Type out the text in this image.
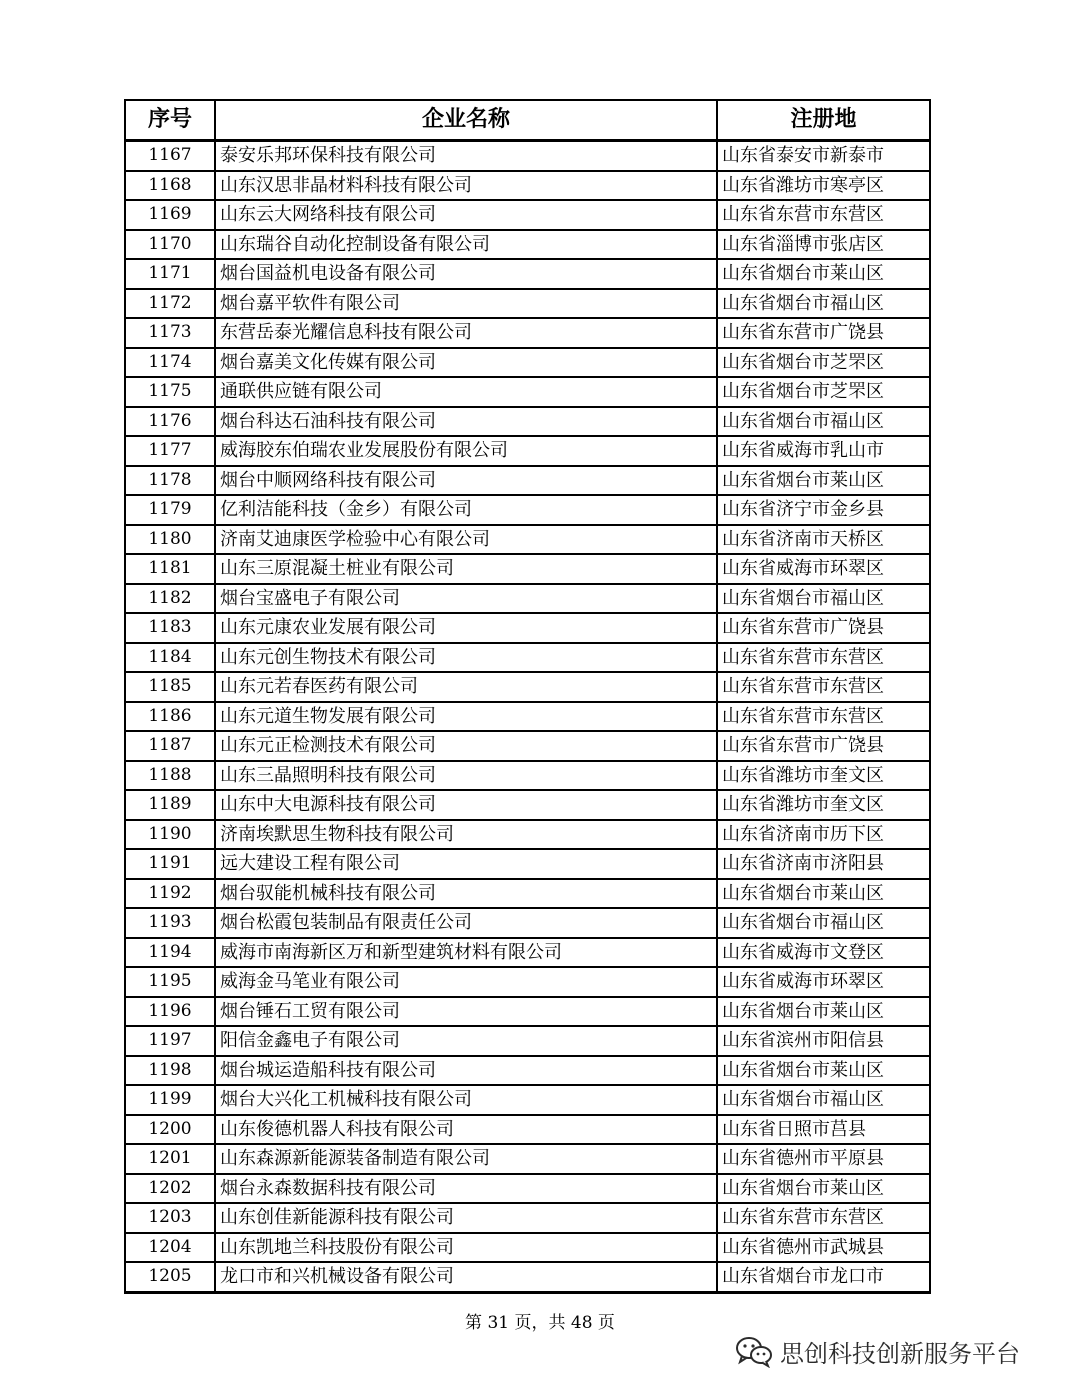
序号	企业名称	注册地
1167	泰安乐邦环保科技有限公司	山东省泰安市新泰市
1168	山东汉思非晶材料科技有限公司	山东省潍坊市寒亭区
1169	山东云大网络科技有限公司	山东省东营市东营区
1170	山东瑞谷自动化控制设备有限公司	山东省淄博市张店区
1171	烟台国益机电设备有限公司	山东省烟台市莱山区
1172	烟台嘉平软件有限公司	山东省烟台市福山区
1173	东营岳泰光耀信息科技有限公司	山东省东营市广饶县
1174	烟台嘉美文化传媒有限公司	山东省烟台市芝罘区
1175	通联供应链有限公司	山东省烟台市芝罘区
1176	烟台科达石油科技有限公司	山东省烟台市福山区
1177	威海胶东伯瑞农业发展股份有限公司	山东省威海市乳山市
1178	烟台中顺网络科技有限公司	山东省烟台市莱山区
1179	亿利洁能科技（金乡）有限公司	山东省济宁市金乡县
1180	济南艾迪康医学检验中心有限公司	山东省济南市天桥区
1181	山东三原混凝土桩业有限公司	山东省威海市环翠区
1182	烟台宝盛电子有限公司	山东省烟台市福山区
1183	山东元康农业发展有限公司	山东省东营市广饶县
1184	山东元创生物技术有限公司	山东省东营市东营区
1185	山东元若春医药有限公司	山东省东营市东营区
1186	山东元道生物发展有限公司	山东省东营市东营区
1187	山东元正检测技术有限公司	山东省东营市广饶县
1188	山东三晶照明科技有限公司	山东省潍坊市奎文区
1189	山东中大电源科技有限公司	山东省潍坊市奎文区
1190	济南埃默思生物科技有限公司	山东省济南市历下区
1191	远大建设工程有限公司	山东省济南市济阳县
1192	烟台驭能机械科技有限公司	山东省烟台市莱山区
1193	烟台松霞包装制品有限责任公司	山东省烟台市福山区
1194	威海市南海新区万和新型建筑材料有限公司	山东省威海市文登区
1195	威海金马笔业有限公司	山东省威海市环翠区
1196	烟台锤石工贸有限公司	山东省烟台市莱山区
1197	阳信金鑫电子有限公司	山东省滨州市阳信县
1198	烟台城运造船科技有限公司	山东省烟台市莱山区
1199	烟台大兴化工机械科技有限公司	山东省烟台市福山区
1200	山东俊德机器人科技有限公司	山东省日照市莒县
1201	山东森源新能源装备制造有限公司	山东省德州市平原县
1202	烟台永森数据科技有限公司	山东省烟台市莱山区
1203	山东创佳新能源科技有限公司	山东省东营市东营区
1204	山东凯地兰科技股份有限公司	山东省德州市武城县
1205	龙口市和兴机械设备有限公司	山东省烟台市龙口市
第 31 页，共 48 页
思创科技创新服务平台
